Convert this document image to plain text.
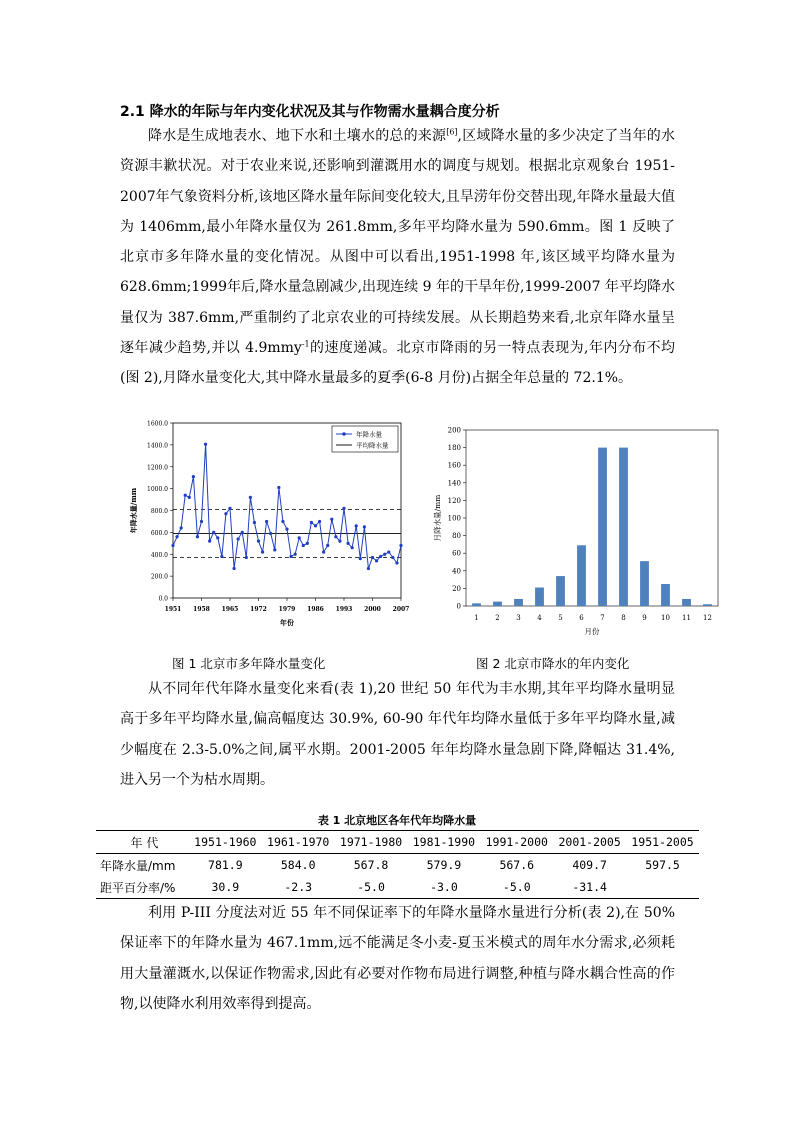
2.1 降水的年际与年内变化状况及其与作物需水量耦合度分析

降水是生成地表水、地下水和土壤水的总的来源[6],区域降水量的多少决定了当年的水资源丰歉状况。对于农业来说,还影响到灌溉用水的调度与规划。根据北京观象台 1951-2007年气象资料分析,该地区降水量年际间变化较大,且旱涝年份交替出现,年降水量最大值为 1406mm,最小年降水量仅为 261.8mm,多年平均降水量为 590.6mm。图 1 反映了北京市多年降水量的变化情况。从图中可以看出,1951-1998 年,该区域平均降水量为 628.6mm;1999年后,降水量急剧减少,出现连续 9 年的干旱年份,1999-2007 年平均降水量仅为 387.6mm,严重制约了北京农业的可持续发展。从长期趋势来看,北京年降水量呈逐年减少趋势,并以 4.9mmy$^{-1}$的速度递减。北京市降雨的另一特点表现为,年内分布不均(图 2),月降水量变化大,其中降水量最多的夏季(6-8 月份)占据全年总量的 72.1%。

0.0
200.0
400.0
600.0
800.0
1000.0
1200.0
1400.0
1600.0
1951 1958 1965 1972 1979 1986 1993 2000 2007
年份
年降水量/mm
年降水量
平均降水量
0
20
40
60
80
100
120
140
160
180
200
1 2 3 4 5 6 7 8 9 10 11 12
月份
月降水量/mm
图 1 北京市多年降水量变化	图 2 北京市降水的年内变化

从不同年代年降水量变化来看(表 1),20 世纪 50 年代为丰水期,其年平均降水量明显高于多年平均降水量,偏高幅度达 30.9%, 60-90 年代年均降水量低于多年平均降水量,减少幅度在 2.3-5.0%之间,属平水期。2001-2005 年年均降水量急剧下降,降幅达 31.4%,进入另一个为枯水周期。

表 1 北京地区各年代年均降水量
年 代	1951-1960	1961-1970	1971-1980	1981-1990	1991-2000	2001-2005	1951-2005
年降水量/mm	781.9	584.0	567.8	579.9	567.6	409.7	597.5
距平百分率/%	30.9	-2.3	-5.0	-3.0	-5.0	-31.4	

利用 P-III 分度法对近 55 年不同保证率下的年降水量降水量进行分析(表 2),在 50%保证率下的年降水量为 467.1mm,远不能满足冬小麦-夏玉米模式的周年水分需求,必须耗用大量灌溉水,以保证作物需求,因此有必要对作物布局进行调整,种植与降水耦合性高的作物,以使降水利用效率得到提高。
